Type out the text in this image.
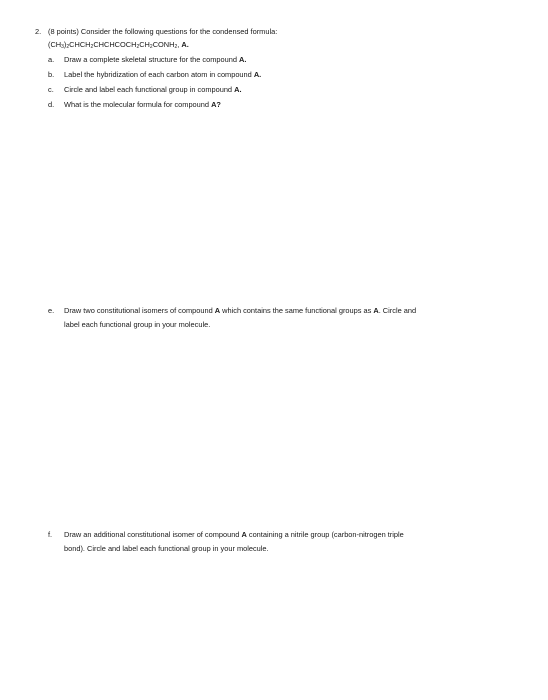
2. (8 points) Consider the following questions for the condensed formula:
$(CH_3)_2CHCH_2CHCHCOCH_2CH_2CONH_2$, A.
a. Draw a complete skeletal structure for the compound A.
b. Label the hybridization of each carbon atom in compound A.
c. Circle and label each functional group in compound A.
d. What is the molecular formula for compound A?
e. Draw two constitutional isomers of compound A which contains the same functional groups as A. Circle and
label each functional group in your molecule.
f. Draw an additional constitutional isomer of compound A containing a nitrile group (carbon-nitrogen triple
bond). Circle and label each functional group in your molecule.
